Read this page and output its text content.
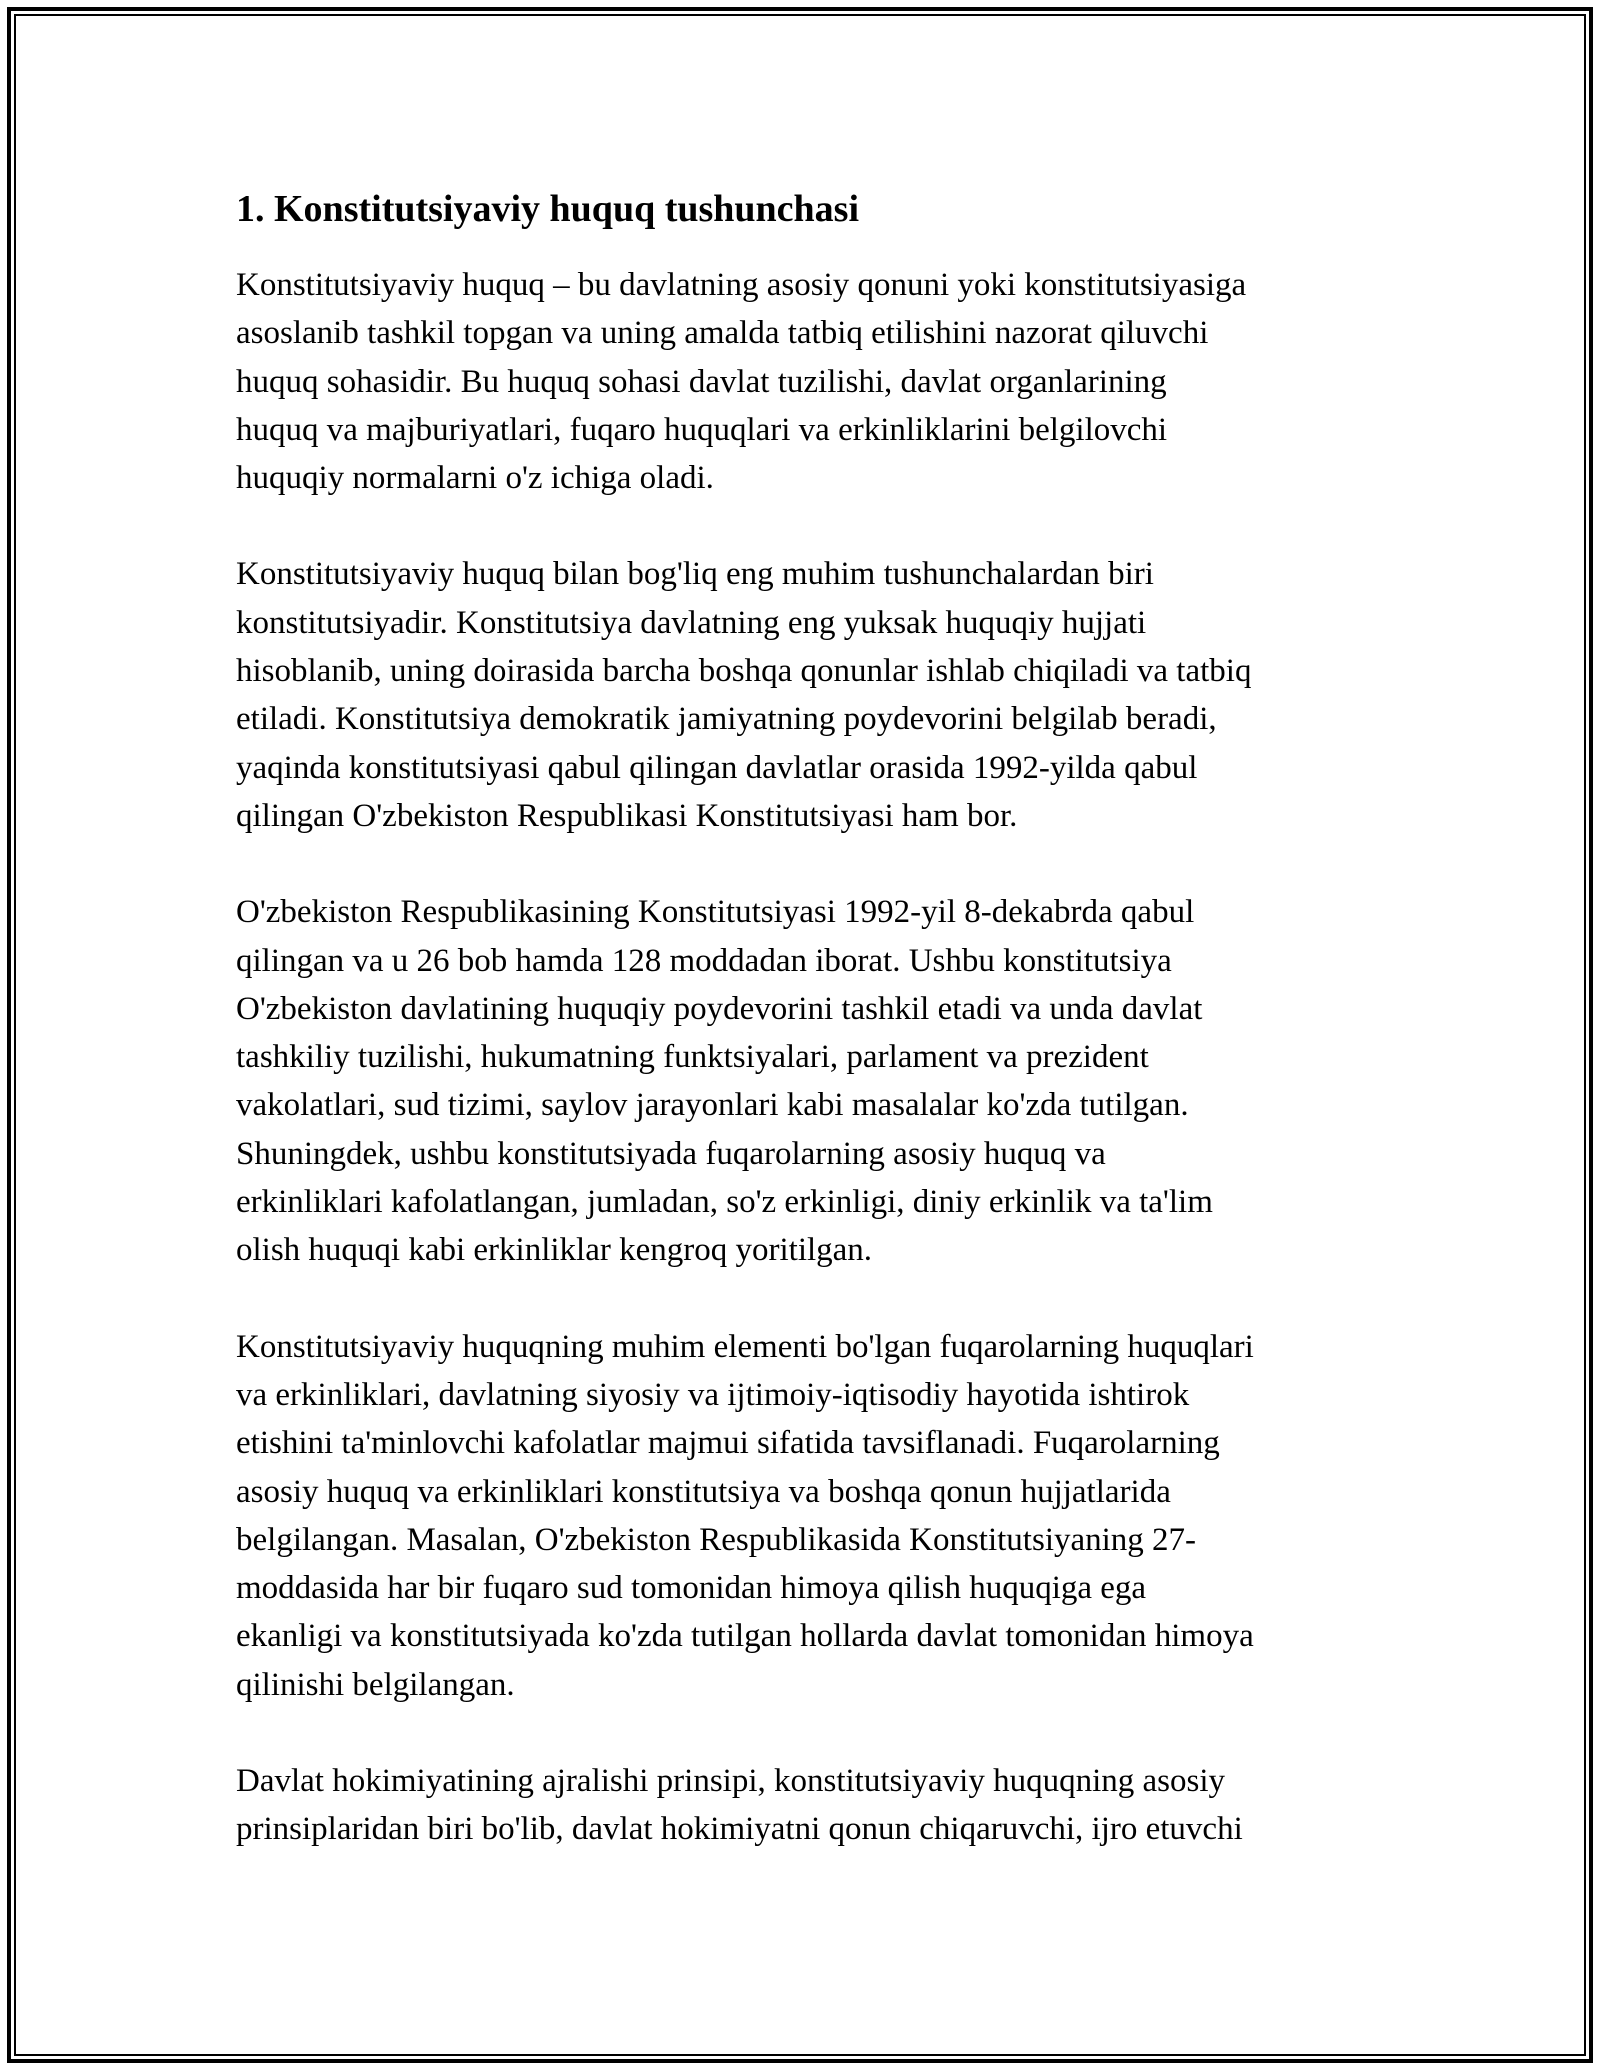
1. Konstitutsiyaviy huquq tushunchasi

Konstitutsiyaviy huquq – bu davlatning asosiy qonuni yoki konstitutsiyasiga
asoslanib tashkil topgan va uning amalda tatbiq etilishini nazorat qiluvchi
huquq sohasidir. Bu huquq sohasi davlat tuzilishi, davlat organlarining
huquq va majburiyatlari, fuqaro huquqlari va erkinliklarini belgilovchi
huquqiy normalarni o'z ichiga oladi.

Konstitutsiyaviy huquq bilan bog'liq eng muhim tushunchalardan biri
konstitutsiyadir. Konstitutsiya davlatning eng yuksak huquqiy hujjati
hisoblanib, uning doirasida barcha boshqa qonunlar ishlab chiqiladi va tatbiq
etiladi. Konstitutsiya demokratik jamiyatning poydevorini belgilab beradi,
yaqinda konstitutsiyasi qabul qilingan davlatlar orasida 1992-yilda qabul
qilingan O'zbekiston Respublikasi Konstitutsiyasi ham bor.

O'zbekiston Respublikasining Konstitutsiyasi 1992-yil 8-dekabrda qabul
qilingan va u 26 bob hamda 128 moddadan iborat. Ushbu konstitutsiya
O'zbekiston davlatining huquqiy poydevorini tashkil etadi va unda davlat
tashkiliy tuzilishi, hukumatning funktsiyalari, parlament va prezident
vakolatlari, sud tizimi, saylov jarayonlari kabi masalalar ko'zda tutilgan.
Shuningdek, ushbu konstitutsiyada fuqarolarning asosiy huquq va
erkinliklari kafolatlangan, jumladan, so'z erkinligi, diniy erkinlik va ta'lim
olish huquqi kabi erkinliklar kengroq yoritilgan.

Konstitutsiyaviy huquqning muhim elementi bo'lgan fuqarolarning huquqlari
va erkinliklari, davlatning siyosiy va ijtimoiy-iqtisodiy hayotida ishtirok
etishini ta'minlovchi kafolatlar majmui sifatida tavsiflanadi. Fuqarolarning
asosiy huquq va erkinliklari konstitutsiya va boshqa qonun hujjatlarida
belgilangan. Masalan, O'zbekiston Respublikasida Konstitutsiyaning 27-
moddasida har bir fuqaro sud tomonidan himoya qilish huquqiga ega
ekanligi va konstitutsiyada ko'zda tutilgan hollarda davlat tomonidan himoya
qilinishi belgilangan.

Davlat hokimiyatining ajralishi prinsipi, konstitutsiyaviy huquqning asosiy
prinsiplaridan biri bo'lib, davlat hokimiyatni qonun chiqaruvchi, ijro etuvchi
